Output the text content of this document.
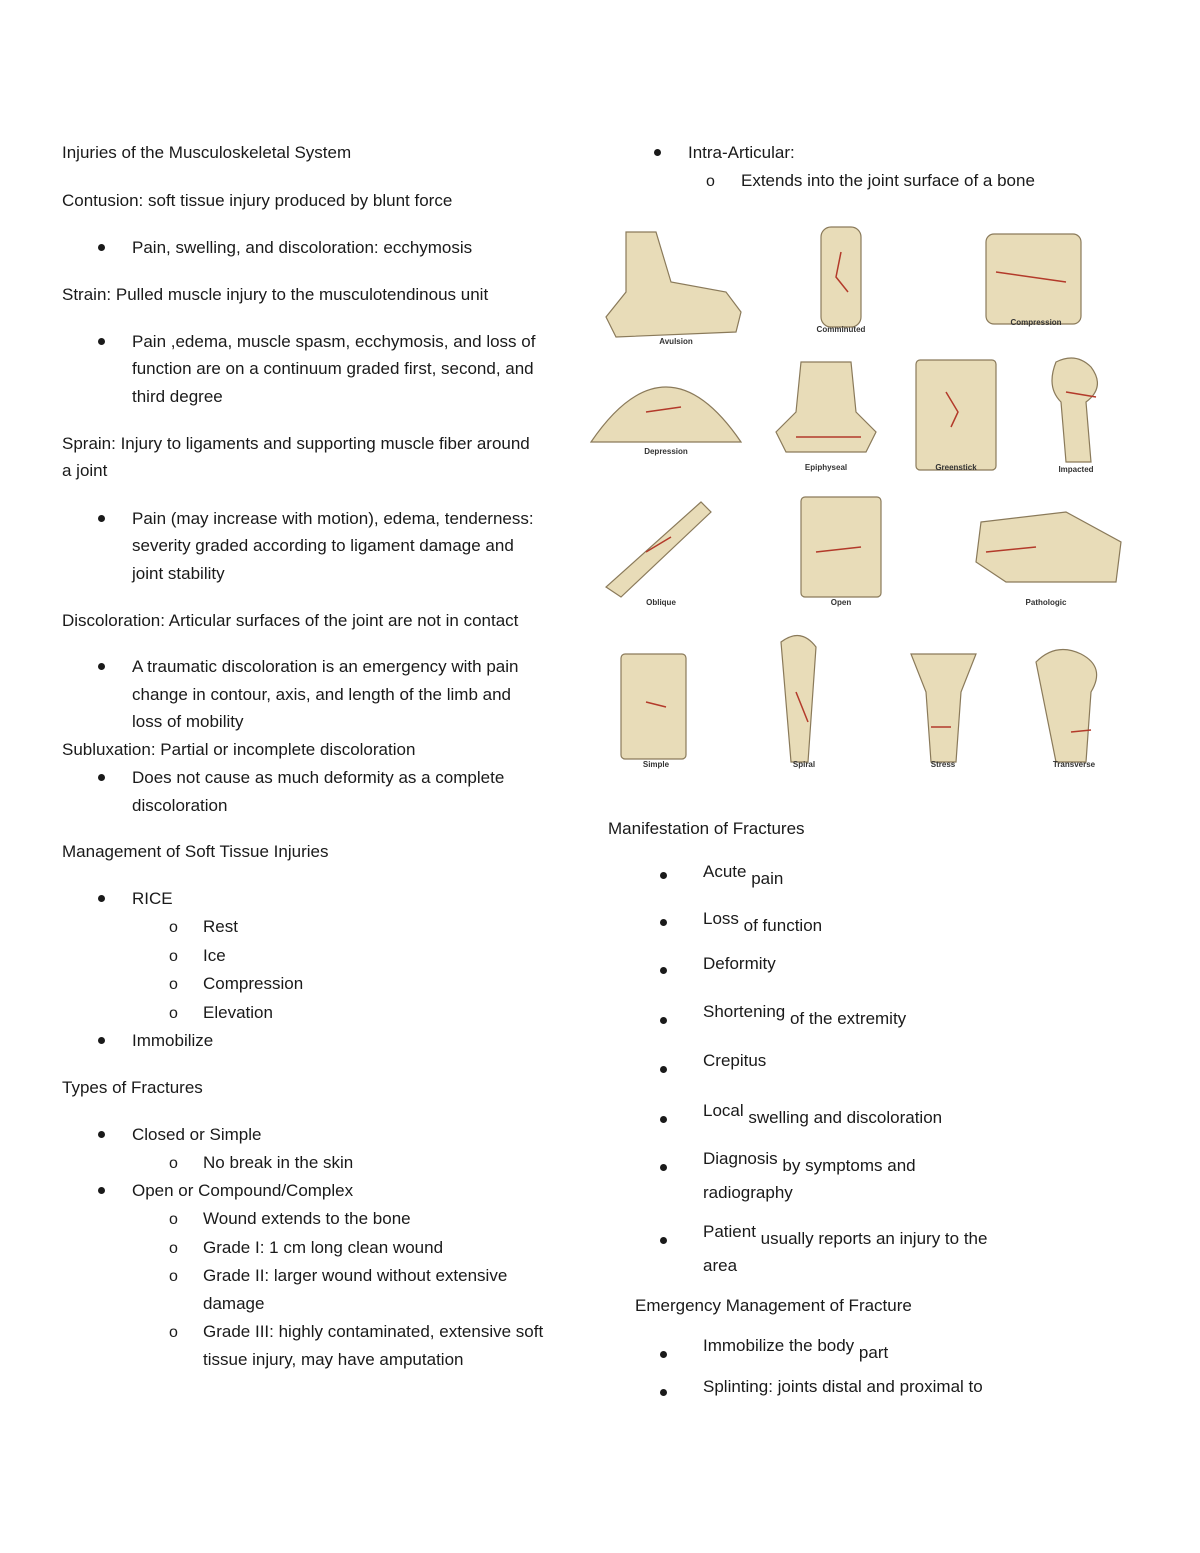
Injuries of the Musculoskeletal System
Contusion: soft tissue injury produced by blunt force
Pain, swelling, and discoloration: ecchymosis
Strain: Pulled muscle injury to the musculotendinous unit
Pain ,edema, muscle spasm, ecchymosis, and loss of
function are on a continuum graded first, second, and
third degree
Sprain: Injury to ligaments and supporting muscle fiber around
a joint
Pain (may increase with motion), edema, tenderness:
severity graded according to ligament damage and
joint stability
Discoloration: Articular surfaces of the joint are not in contact
A traumatic discoloration is an emergency with pain
change in contour, axis, and length of the limb and
loss of mobility
Subluxation: Partial or incomplete discoloration
Does not cause as much deformity as a complete
discoloration
Management of Soft Tissue Injuries
RICE
o Rest
o Ice
o Compression
o Elevation
Immobilize
Types of Fractures
Closed or Simple
o No break in the skin
Open or Compound/Complex
o Wound extends to the bone
o Grade I: 1 cm long clean wound
o Grade II: larger wound without extensive
damage
o Grade III: highly contaminated, extensive soft
tissue injury, may have amputation
Intra-Articular:
o Extends into the joint surface of a bone
Avulsion
Comminuted
Compression
Depression
Epiphyseal	Greenstick	Impacted
Oblique	Open	Pathologic
Simple	Spiral	Stress	Transverse
Manifestation of Fractures
Acute pain
Loss of function
Deformity
Shortening of the extremity
Crepitus
Local swelling and discoloration
Diagnosis by symptoms and
radiography
Patient usually reports an injury to the
area
Emergency Management of Fracture
Immobilize the body part
Splinting: joints distal and proximal to
